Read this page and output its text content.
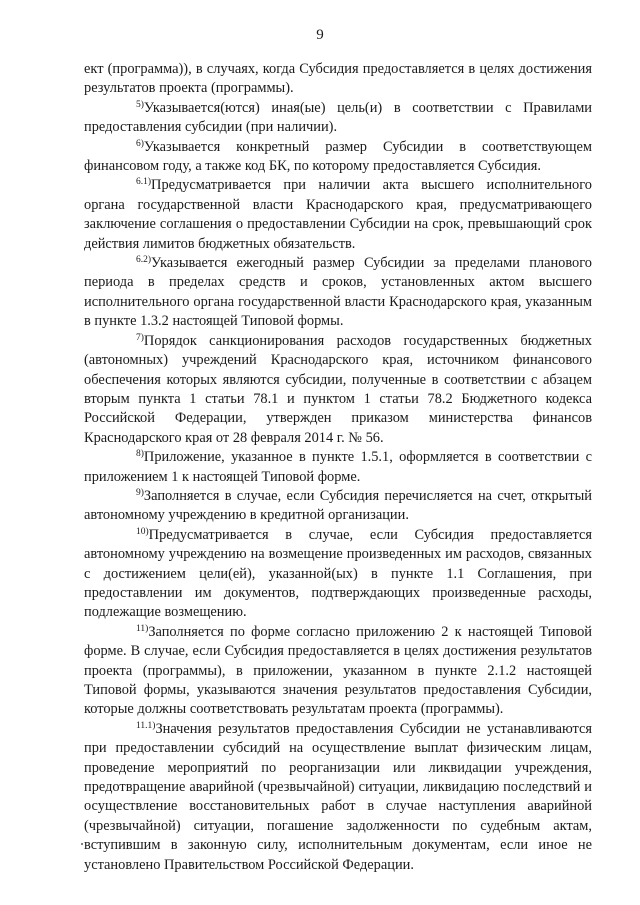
9

ект (программа)), в случаях, когда Субсидия предоставляется в целях достижения результатов проекта (программы).

$^{5)}$Указывается(ются) иная(ые) цель(и) в соответствии с Правилами предоставления субсидии (при наличии).

$^{6)}$Указывается конкретный размер Субсидии в соответствующем финансовом году, а также код БК, по которому предоставляется Субсидия.

$^{6.1)}$Предусматривается при наличии акта высшего исполнительного органа государственной власти Краснодарского края, предусматривающего заключение соглашения о предоставлении Субсидии на срок, превышающий срок действия лимитов бюджетных обязательств.

$^{6.2)}$Указывается ежегодный размер Субсидии за пределами планового периода в пределах средств и сроков, установленных актом высшего исполнительного органа государственной власти Краснодарского края, указанным в пункте 1.3.2 настоящей Типовой формы.

$^{7)}$Порядок санкционирования расходов государственных бюджетных (автономных) учреждений Краснодарского края, источником финансового обеспечения которых являются субсидии, полученные в соответствии с абзацем вторым пункта 1 статьи 78.1 и пунктом 1 статьи 78.2 Бюджетного кодекса Российской Федерации, утвержден приказом министерства финансов Краснодарского края от 28 февраля 2014 г. № 56.

$^{8)}$Приложение, указанное в пункте 1.5.1, оформляется в соответствии с приложением 1 к настоящей Типовой форме.

$^{9)}$Заполняется в случае, если Субсидия перечисляется на счет, открытый автономному учреждению в кредитной организации.

$^{10)}$Предусматривается в случае, если Субсидия предоставляется автономному учреждению на возмещение произведенных им расходов, связанных с достижением цели(ей), указанной(ых) в пункте 1.1 Соглашения, при предоставлении им документов, подтверждающих произведенные расходы, подлежащие возмещению.

$^{11)}$Заполняется по форме согласно приложению 2 к настоящей Типовой форме. В случае, если Субсидия предоставляется в целях достижения результатов проекта (программы), в приложении, указанном в пункте 2.1.2 настоящей Типовой формы, указываются значения результатов предоставления Субсидии, которые должны соответствовать результатам проекта (программы).

$^{11.1)}$Значения результатов предоставления Субсидии не устанавливаются при предоставлении субсидий на осуществление выплат физическим лицам, проведение мероприятий по реорганизации или ликвидации учреждения, предотвращение аварийной (чрезвычайной) ситуации, ликвидацию последствий и осуществление восстановительных работ в случае наступления аварийной (чрезвычайной) ситуации, погашение задолженности по судебным актам, вступившим в законную силу, исполнительным документам, если иное не установлено Правительством Российской Федерации.
